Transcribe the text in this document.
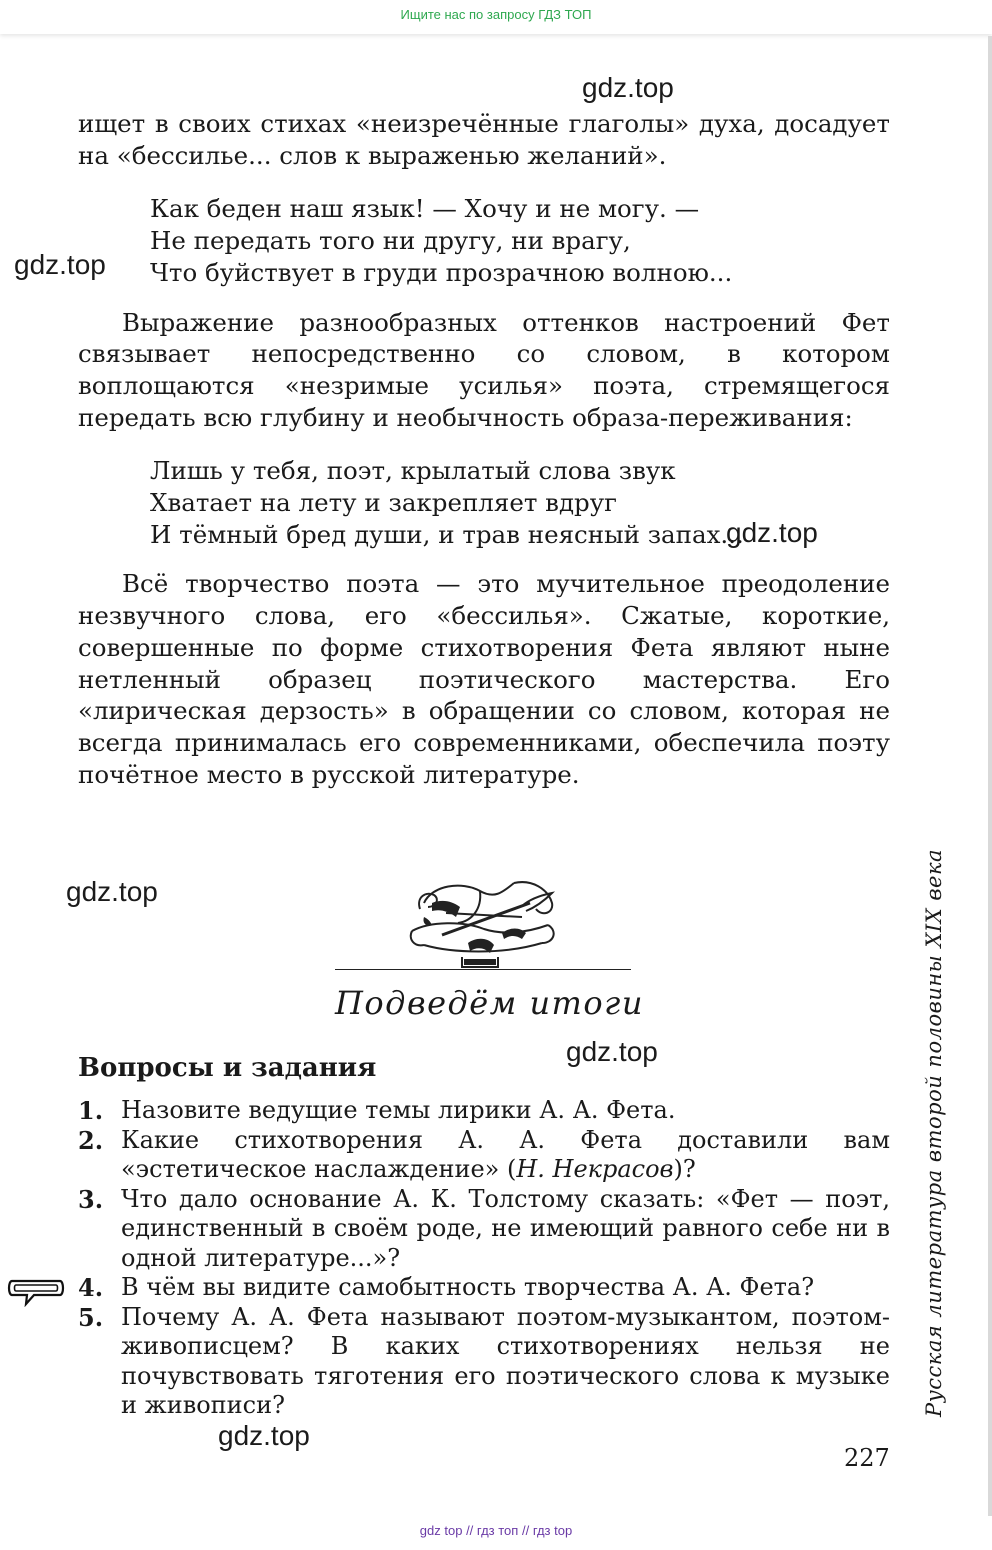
Ищите нас по запросу ГДЗ ТОП

ищет в своих стихах «неизречённые глаголы» духа, досадует на «бессилье... слов к выраженью желаний».

Как беден наш язык! — Хочу и не могу. —
Не передать того ни другу, ни врагу,
Что буйствует в груди прозрачною волною...

Выражение разнообразных оттенков настроений Фет связывает непосредственно со словом, в котором воплощаются «незримые усилья» поэта, стремящегося передать всю глубину и необычность образа-переживания:

Лишь у тебя, поэт, крылатый слова звук
Хватает на лету и закрепляет вдруг
И тёмный бред души, и трав неясный запах...

Всё творчество поэта — это мучительное преодоление незвучного слова, его «бессилья». Сжатые, короткие, совершенные по форме стихотворения Фета являют ныне нетленный образец поэтического мастерства. Его «лирическая дерзость» в обращении со словом, которая не всегда принималась его современниками, обеспечила поэту почётное место в русской литературе.

gdz.top
gdz.top
gdz.top
gdz.top
gdz.top
gdz.top
Подведём итоги
Вопросы и задания
1. Назовите ведущие темы лирики А. А. Фета.
2. Какие стихотворения А. А. Фета доставили вам «эстетическое наслаждение» (Н. Некрасов)?
3. Что дало основание А. К. Толстому сказать: «Фет — поэт, единственный в своём роде, не имеющий равного себе ни в одной литературе...»?
4. В чём вы видите самобытность творчества А. А. Фета?
5. Почему А. А. Фета называют поэтом-музыкантом, поэтом-живописцем? В каких стихотворениях нельзя не почувствовать тяготения его поэтического слова к музыке и живописи?	Русская литература второй половины XIX века
227
gdz top // гдз топ // гдз top
